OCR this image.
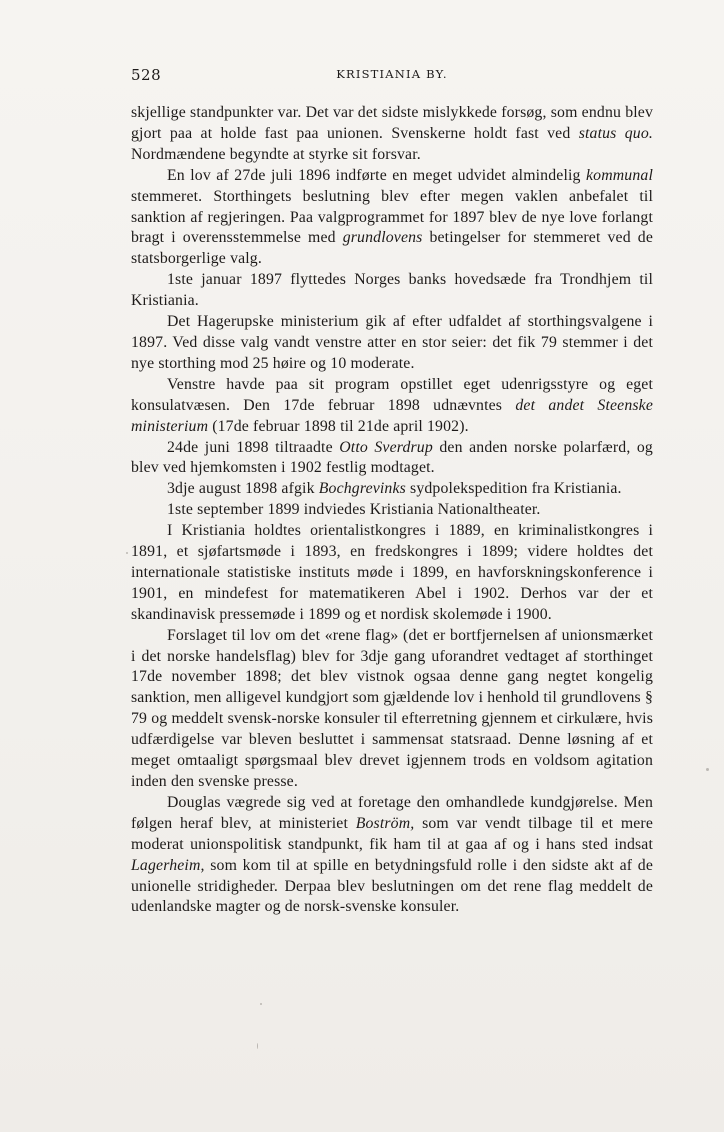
528	KRISTIANIA BY.

skjellige standpunkter var. Det var det sidste mislykkede forsøg, som endnu blev gjort paa at holde fast paa unionen. Svenskerne holdt fast ved status quo. Nordmændene begyndte at styrke sit forsvar.

En lov af 27de juli 1896 indførte en meget udvidet almindelig kommunal stemmeret. Storthingets beslutning blev efter megen vaklen anbefalet til sanktion af regjeringen. Paa valgprogrammet for 1897 blev de nye love forlangt bragt i overensstemmelse med grundlovens betingelser for stemmeret ved de statsborgerlige valg.

1ste januar 1897 flyttedes Norges banks hovedsæde fra Trondhjem til Kristiania.

Det Hagerupske ministerium gik af efter udfaldet af storthingsvalgene i 1897. Ved disse valg vandt venstre atter en stor seier: det fik 79 stemmer i det nye storthing mod 25 høire og 10 moderate.

Venstre havde paa sit program opstillet eget udenrigsstyre og eget konsulatvæsen. Den 17de februar 1898 udnævntes det andet Steenske ministerium (17de februar 1898 til 21de april 1902).

24de juni 1898 tiltraadte Otto Sverdrup den anden norske polarfærd, og blev ved hjemkomsten i 1902 festlig modtaget.

3dje august 1898 afgik Bochgrevinks sydpolekspedition fra Kristiania.

1ste september 1899 indviedes Kristiania Nationaltheater.

I Kristiania holdtes orientalistkongres i 1889, en kriminalistkongres i 1891, et sjøfartsmøde i 1893, en fredskongres i 1899; videre holdtes det internationale statistiske instituts møde i 1899, en havforskningskonference i 1901, en mindefest for matematikeren Abel i 1902. Derhos var der et skandinavisk pressemøde i 1899 og et nordisk skolemøde i 1900.

Forslaget til lov om det «rene flag» (det er bortfjernelsen af unionsmærket i det norske handelsflag) blev for 3dje gang uforandret vedtaget af storthinget 17de november 1898; det blev vistnok ogsaa denne gang negtet kongelig sanktion, men alligevel kundgjort som gjældende lov i henhold til grundlovens § 79 og meddelt svensk-norske konsuler til efterretning gjennem et cirkulære, hvis udfærdigelse var bleven besluttet i sammensat statsraad. Denne løsning af et meget omtaaligt spørgsmaal blev drevet igjennem trods en voldsom agitation inden den svenske presse.

Douglas vægrede sig ved at foretage den omhandlede kundgjørelse. Men følgen heraf blev, at ministeriet Boström, som var vendt tilbage til et mere moderat unionspolitisk standpunkt, fik ham til at gaa af og i hans sted indsat Lagerheim, som kom til at spille en betydningsfuld rolle i den sidste akt af de unionelle stridigheder. Derpaa blev beslutningen om det rene flag meddelt de udenlandske magter og de norsk-svenske konsuler.
